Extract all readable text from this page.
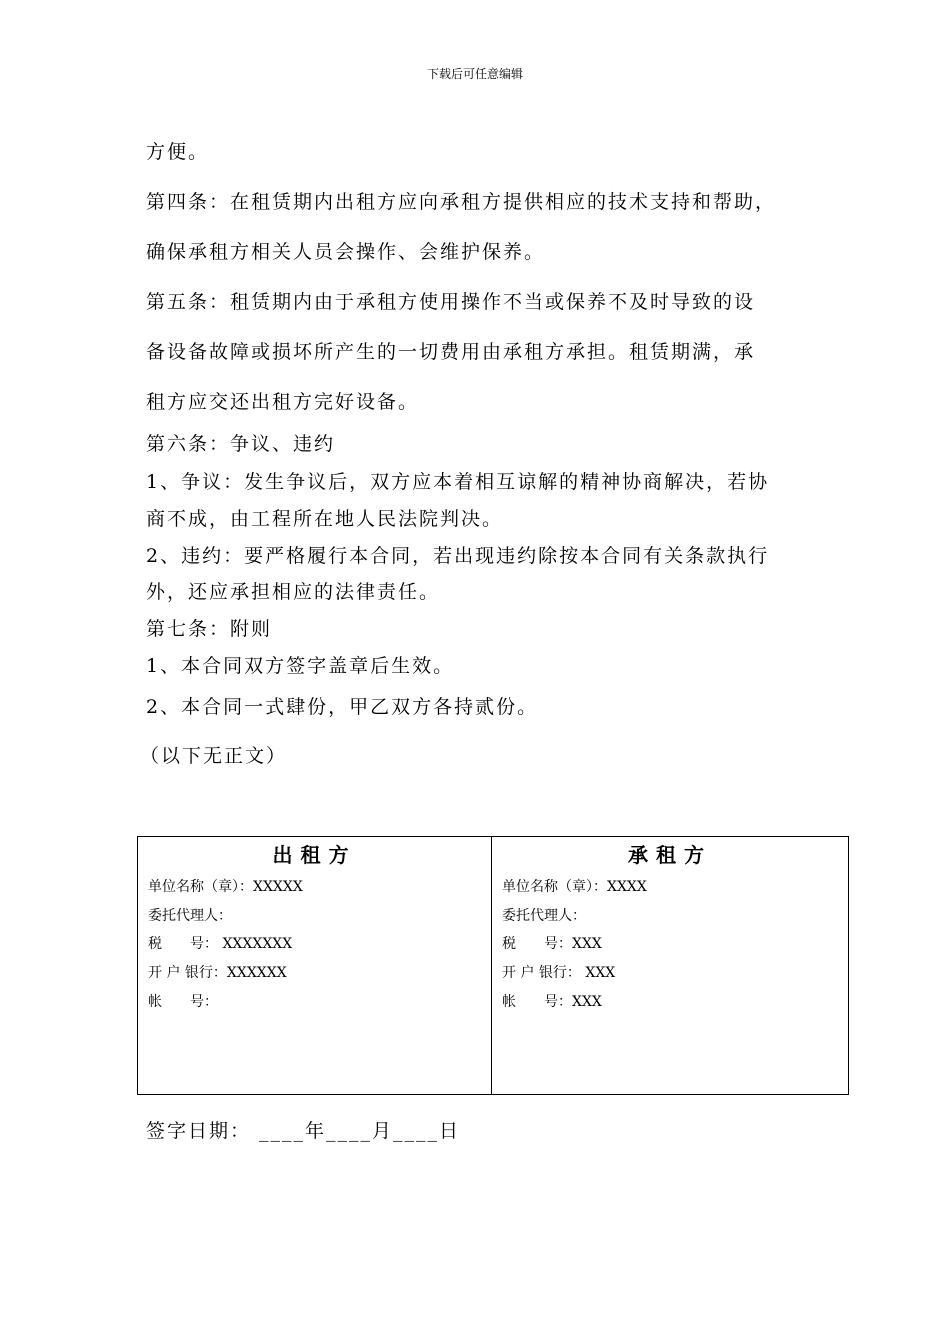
下载后可任意编辑
方便。
第四条：在租赁期内出租方应向承租方提供相应的技术支持和帮助，
确保承租方相关人员会操作、会维护保养。
第五条：租赁期内由于承租方使用操作不当或保养不及时导致的设
备设备故障或损坏所产生的一切费用由承租方承担。租赁期满，承
租方应交还出租方完好设备。
第六条：争议、违约
1、争议：发生争议后，双方应本着相互谅解的精神协商解决，若协
商不成，由工程所在地人民法院判决。
2、违约：要严格履行本合同，若出现违约除按本合同有关条款执行
外，还应承担相应的法律责任。
第七条：附则
1、本合同双方签字盖章后生效。
2、本合同一式肆份，甲乙双方各持贰份。
（以下无正文）
出租方
单位名称（章）：XXXXX
委托代理人：
税　　号： XXXXXXX
开 户 银行：XXXXXX
帐　　号：
承租方
单位名称（章）：XXXX
委托代理人：
税　　号：XXX
开 户 银行： XXX
帐　　号：XXX
签字日期： ____年____月____日
